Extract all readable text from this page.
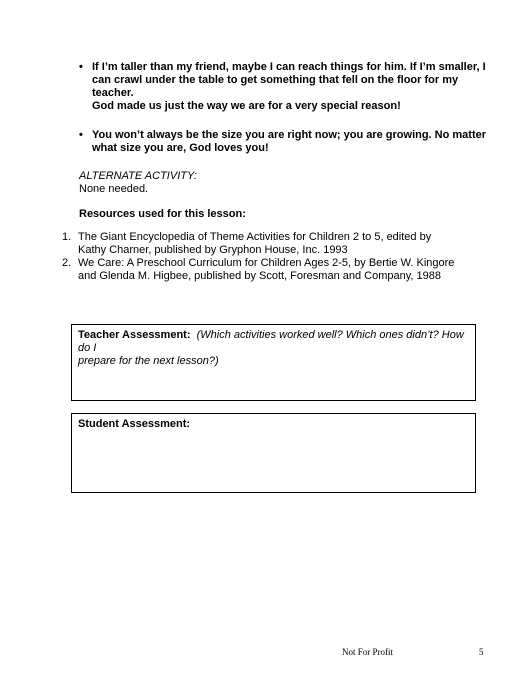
• If I’m taller than my friend, maybe I can reach things for him. If I’m smaller, I
can crawl under the table to get something that fell on the floor for my teacher.
God made us just the way we are for a very special reason!
• You won’t always be the size you are right now; you are growing. No matter
what size you are, God loves you!
ALTERNATE ACTIVITY:
None needed.
Resources used for this lesson:
1. The Giant Encyclopedia of Theme Activities for Children 2 to 5, edited by
Kathy Charner, published by Gryphon House, Inc. 1993
2. We Care: A Preschool Curriculum for Children Ages 2-5, by Bertie W. Kingore
and Glenda M. Higbee, published by Scott, Foresman and Company, 1988
Teacher Assessment: (Which activities worked well? Which ones didn’t? How do I
prepare for the next lesson?)
Student Assessment:
Not For Profit	5
